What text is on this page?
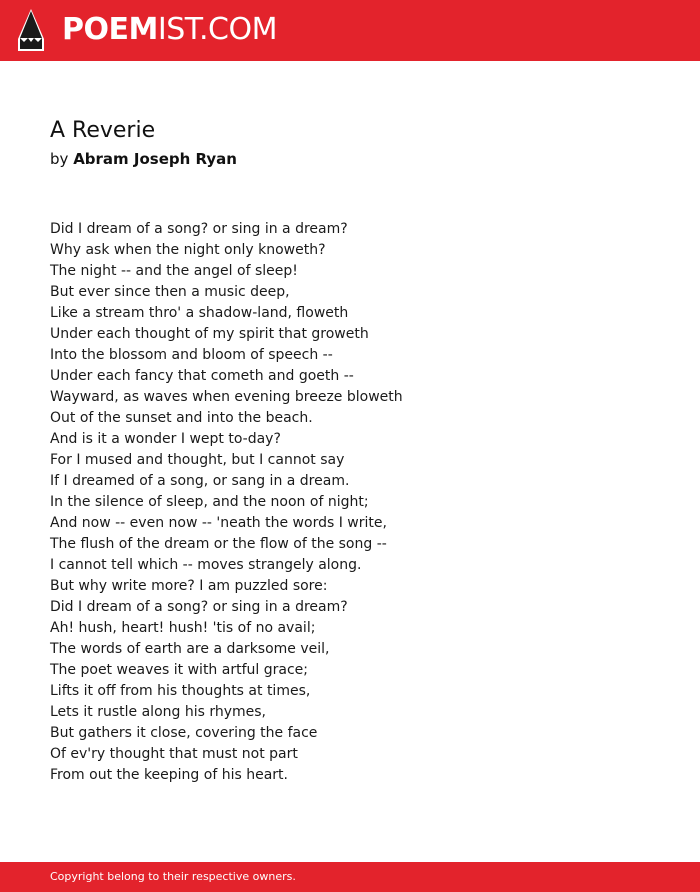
POEMIST.COM
A Reverie
by Abram Joseph Ryan
Did I dream of a song? or sing in a dream?
Why ask when the night only knoweth?
The night -- and the angel of sleep!
But ever since then a music deep,
Like a stream thro' a shadow-land, floweth
Under each thought of my spirit that groweth
Into the blossom and bloom of speech --
Under each fancy that cometh and goeth --
Wayward, as waves when evening breeze bloweth
Out of the sunset and into the beach.
And is it a wonder I wept to-day?
For I mused and thought, but I cannot say
If I dreamed of a song, or sang in a dream.
In the silence of sleep, and the noon of night;
And now -- even now -- 'neath the words I write,
The flush of the dream or the flow of the song --
I cannot tell which -- moves strangely along.
But why write more? I am puzzled sore:
Did I dream of a song? or sing in a dream?
Ah! hush, heart! hush! 'tis of no avail;
The words of earth are a darksome veil,
The poet weaves it with artful grace;
Lifts it off from his thoughts at times,
Lets it rustle along his rhymes,
But gathers it close, covering the face
Of ev'ry thought that must not part
From out the keeping of his heart.
Copyright belong to their respective owners.
